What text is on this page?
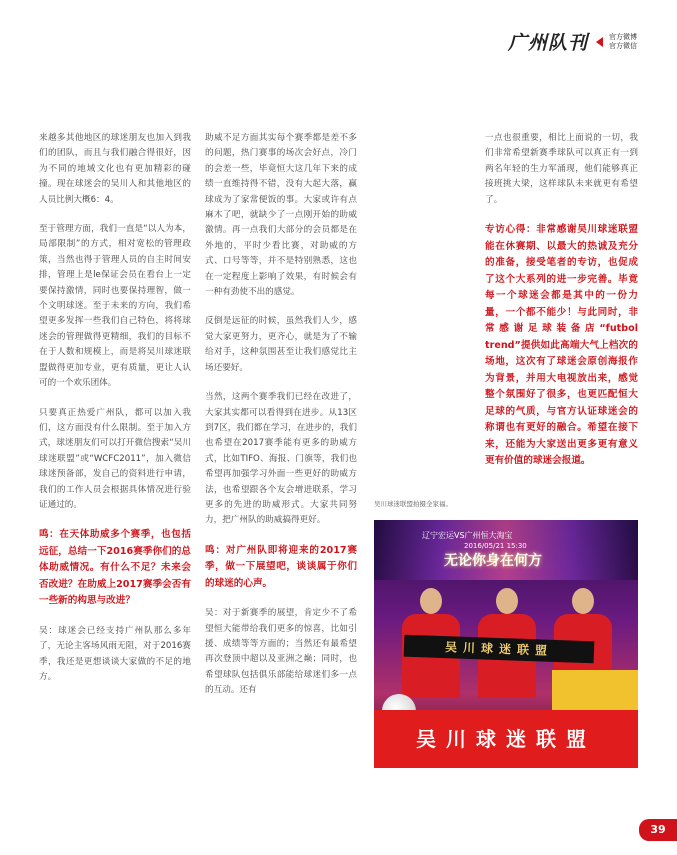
广州队刊	官方微博
官方微信

来越多其他地区的球迷朋友也加入到我们的团队，而且与我们融合得很好，因为不同的地域文化也有更加精彩的碰撞。现在球迷会的吴川人和其他地区的人员比例大概6：4。

至于管理方面，我们一直是“以人为本，局部限制”的方式，相对宽松的管理政策，当然也得于管理人员的自主时间安排，管理上是le保证会员在看台上一定要保持激情，同时也要保持理智，做一个文明球迷。至于未来的方向，我们希望更多发挥一些我们自己特色，将将球迷会的管理做得更精细，我们的目标不在于人数和规模上，而是将吴川球迷联盟做得更加专业，更有质量，更让人认可的一个欢乐团体。

只要真正热爱广州队，都可以加入我们，这方面没有什么限制。至于加入方式，球迷朋友们可以打开微信搜索“吴川球迷联盟”或“WCFC2011”，加入微信球迷预备部，发自己的资料进行申请，我们的工作人员会根据具体情况进行验证通过的。

鸣：在天体助威多个赛季，也包括远征，总结一下2016赛季你们的总体助威情况。有什么不足？未来会否改进？在助威上2017赛季会否有一些新的构思与改进？

吴：球迷会已经支持广州队那么多年了，无论主客场风雨无阻，对于2016赛季，我还是更想谈谈大家做的不足的地方。

助威不足方面其实每个赛季都是差不多的问题，热门赛事的场次会好点，冷门的会差一些，毕竟恒大这几年下来的成绩一直维持得不错，没有大起大落，赢球成为了家常便饭的事。大家或许有点麻木了吧，就缺少了一点刚开始的助威激情。再一点我们大部分的会员都是在外地的，平时少看比赛，对助威的方式、口号等等，并不是特别熟悉，这也在一定程度上影响了效果，有时候会有一种有劲使不出的感觉。

反倒是远征的时候，虽然我们人少，感觉大家更努力，更齐心，就是为了不输给对手，这种氛围甚至让我们感觉比主场还要好。

当然，这两个赛季我们已经在改进了，大家其实都可以看得到在进步。从13区到7区，我们都在学习，在进步的，我们也希望在2017赛季能有更多的助威方式，比如TIFO、海报、门旗等，我们也希望再加强学习外面一些更好的助威方法，也希望跟各个友会增进联系，学习更多的先进的助威形式。大家共同努力，把广州队的助威搞得更好。

鸣：对广州队即将迎来的2017赛季，做一下展望吧，谈谈属于你们的球迷的心声。

吴：对于新赛季的展望，肯定少不了希望恒大能带给我们更多的惊喜，比如引援、成绩等等方面的；当然还有最希望再次登顶中超以及亚洲之巅；同时，也希望球队包括俱乐部能给球迷们多一点的互动。还有

一点也很重要，相比上面说的一切，我们非常希望新赛季球队可以真正有一到两名年轻的生力军涌现，他们能够真正接班挑大梁，这样球队未来就更有希望了。

专访心得：非常感谢吴川球迷联盟能在休赛期、以最大的热诚及充分的准备，接受笔者的专访，也促成了这个大系列的进一步完善。毕竟每一个球迷会都是其中的一份力量，一个都不能少！与此同时，非常感谢足球装备店“futbol trend”提供如此高端大气上档次的场地，这次有了球迷会原创海报作为背景，并用大电视放出来，感觉整个氛围好了很多，也更匹配恒大足球的气质，与官方认证球迷会的称谓也有更好的融合。希望在接下来，还能为大家送出更多更有意义更有价值的球迷会报道。

吴川球迷联盟拍摄全家福。
辽宁宏运VS广州恒大淘宝
2016/05/21 15:30
无论你身在何方
吴川球迷联盟
吴川球迷联盟
39
